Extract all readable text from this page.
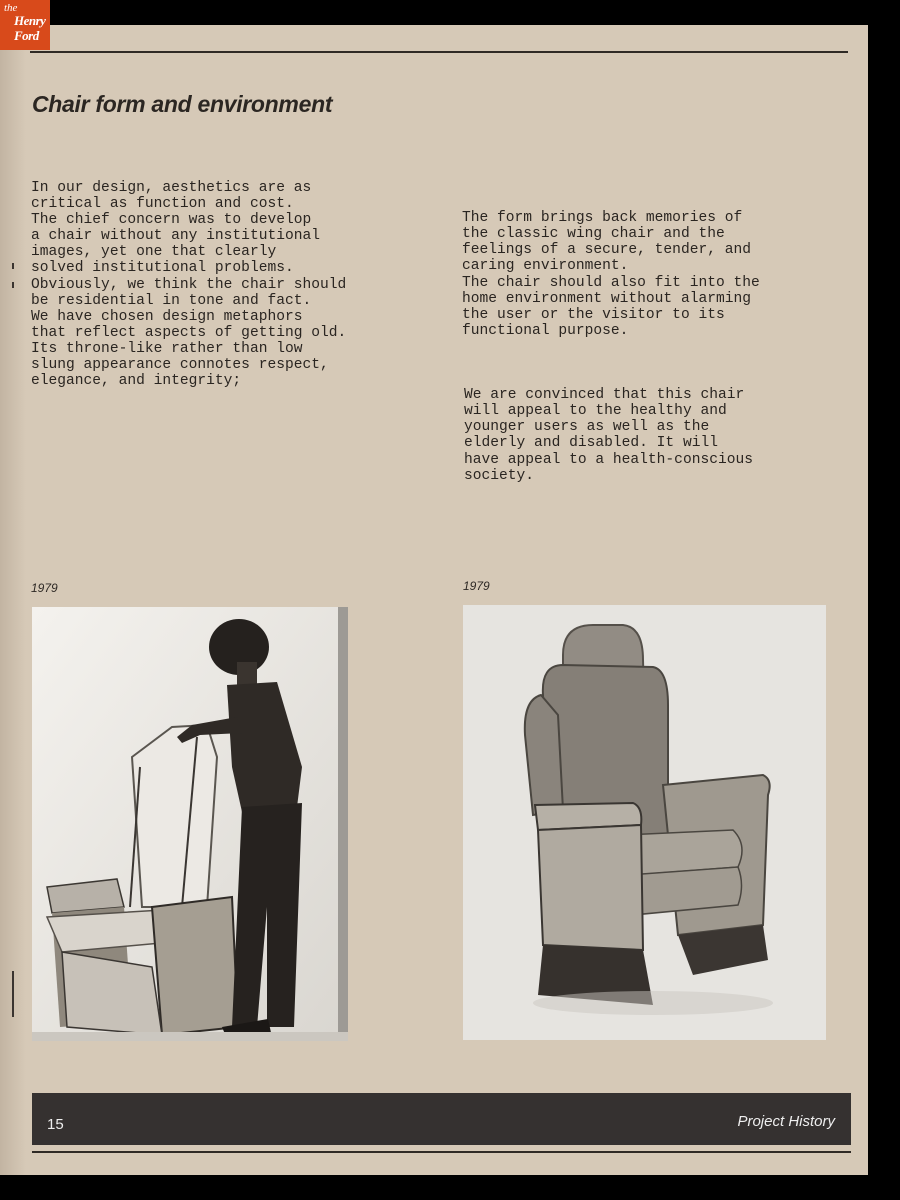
Chair form and environment
In our design, aesthetics are as
critical as function and cost.
The chief concern was to develop
a chair without any institutional
images, yet one that clearly
solved institutional problems.
Obviously, we think the chair should
be residential in tone and fact.
We have chosen design metaphors
that reflect aspects of getting old.
Its throne-like rather than low
slung appearance connotes respect,
elegance, and integrity;

The form brings back memories of
the classic wing chair and the
feelings of a secure, tender, and
caring environment.
The chair should also fit into the
home environment without alarming
the user or the visitor to its
functional purpose.

We are convinced that this chair
will appeal to the healthy and
younger users as well as the
elderly and disabled. It will
have appeal to a health-conscious
society.

1979	1979
15	Project History
the
Henry
Ford
